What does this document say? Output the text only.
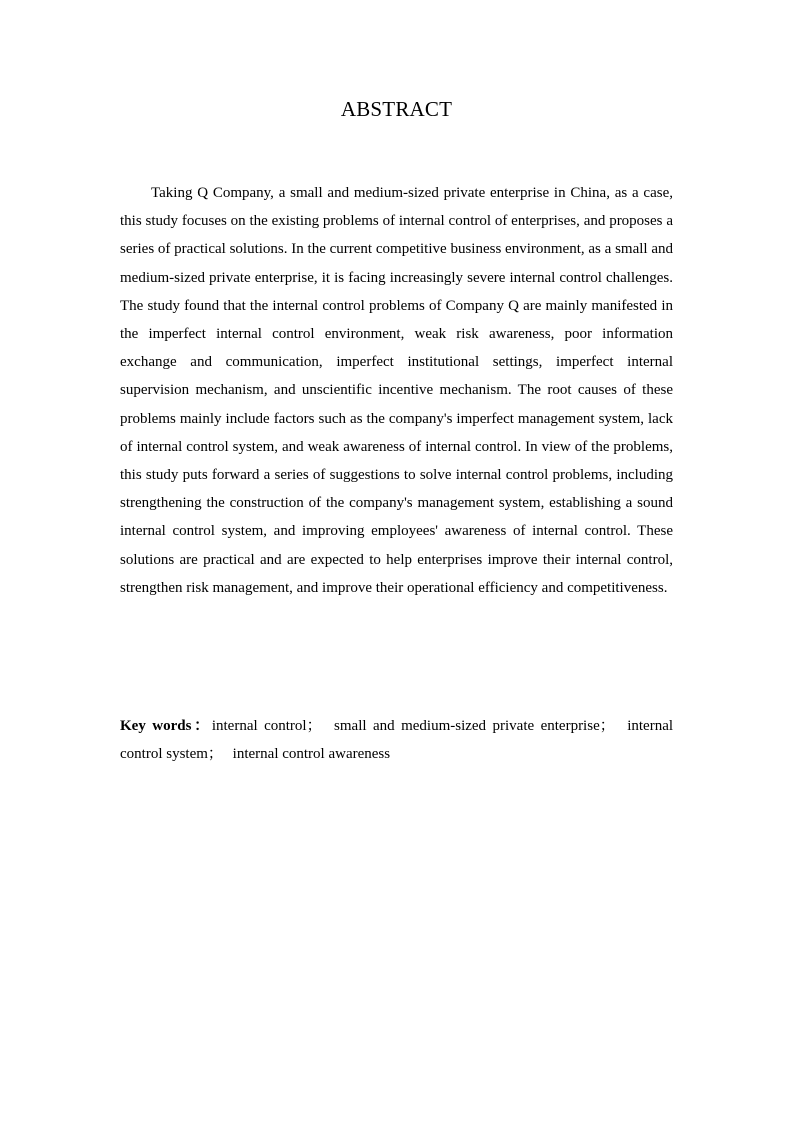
ABSTRACT
Taking Q Company, a small and medium-sized private enterprise in China, as a case, this study focuses on the existing problems of internal control of enterprises, and proposes a series of practical solutions. In the current competitive business environment, as a small and medium-sized private enterprise, it is facing increasingly severe internal control challenges. The study found that the internal control problems of Company Q are mainly manifested in the imperfect internal control environment, weak risk awareness, poor information exchange and communication, imperfect institutional settings, imperfect internal supervision mechanism, and unscientific incentive mechanism. The root causes of these problems mainly include factors such as the company's imperfect management system, lack of internal control system, and weak awareness of internal control. In view of the problems, this study puts forward a series of suggestions to solve internal control problems, including strengthening the construction of the company's management system, establishing a sound internal control system, and improving employees' awareness of internal control. These solutions are practical and are expected to help enterprises improve their internal control, strengthen risk management, and improve their operational efficiency and competitiveness.
Key words：internal control； small and medium-sized private enterprise； internal control system； internal control awareness
